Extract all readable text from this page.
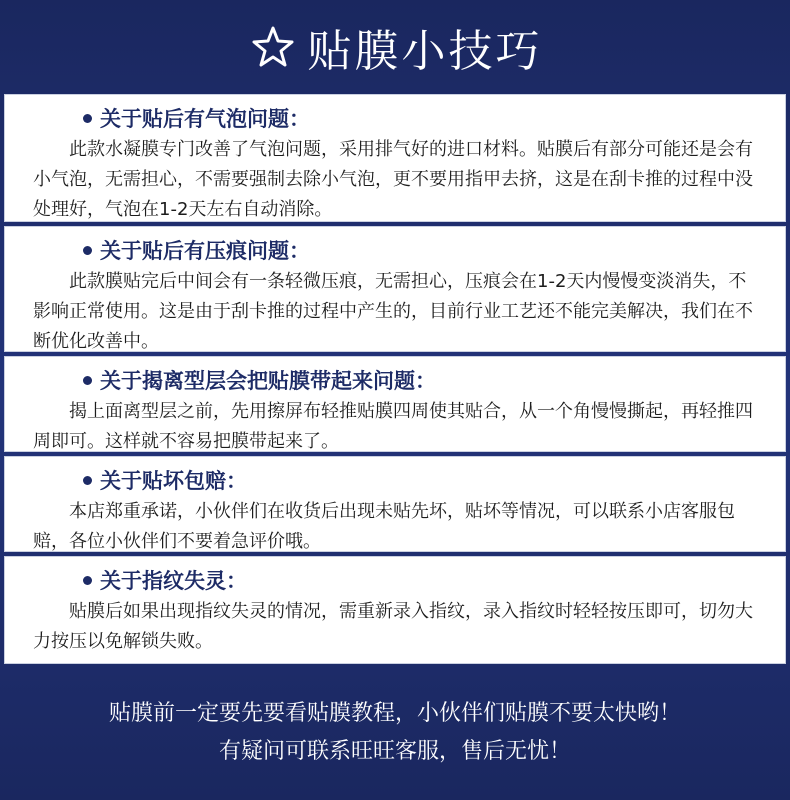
贴膜小技巧
关于贴后有气泡问题：

此款水凝膜专门改善了气泡问题，采用排气好的进口材料。贴膜后有部分可能还是会有小气泡，无需担心，不需要强制去除小气泡，更不要用指甲去挤，这是在刮卡推的过程中没处理好，气泡在1-2天左右自动消除。

关于贴后有压痕问题：

此款膜贴完后中间会有一条轻微压痕，无需担心，压痕会在1-2天内慢慢变淡消失，不影响正常使用。这是由于刮卡推的过程中产生的，目前行业工艺还不能完美解决，我们在不断优化改善中。

关于揭离型层会把贴膜带起来问题：

揭上面离型层之前，先用擦屏布轻推贴膜四周使其贴合，从一个角慢慢撕起，再轻推四周即可。这样就不容易把膜带起来了。

关于贴坏包赔：

本店郑重承诺，小伙伴们在收货后出现未贴先坏，贴坏等情况，可以联系小店客服包赔，各位小伙伴们不要着急评价哦。

关于指纹失灵：

贴膜后如果出现指纹失灵的情况，需重新录入指纹，录入指纹时轻轻按压即可，切勿大力按压以免解锁失败。

贴膜前一定要先要看贴膜教程，小伙伴们贴膜不要太快哟！
有疑问可联系旺旺客服，售后无忧！
